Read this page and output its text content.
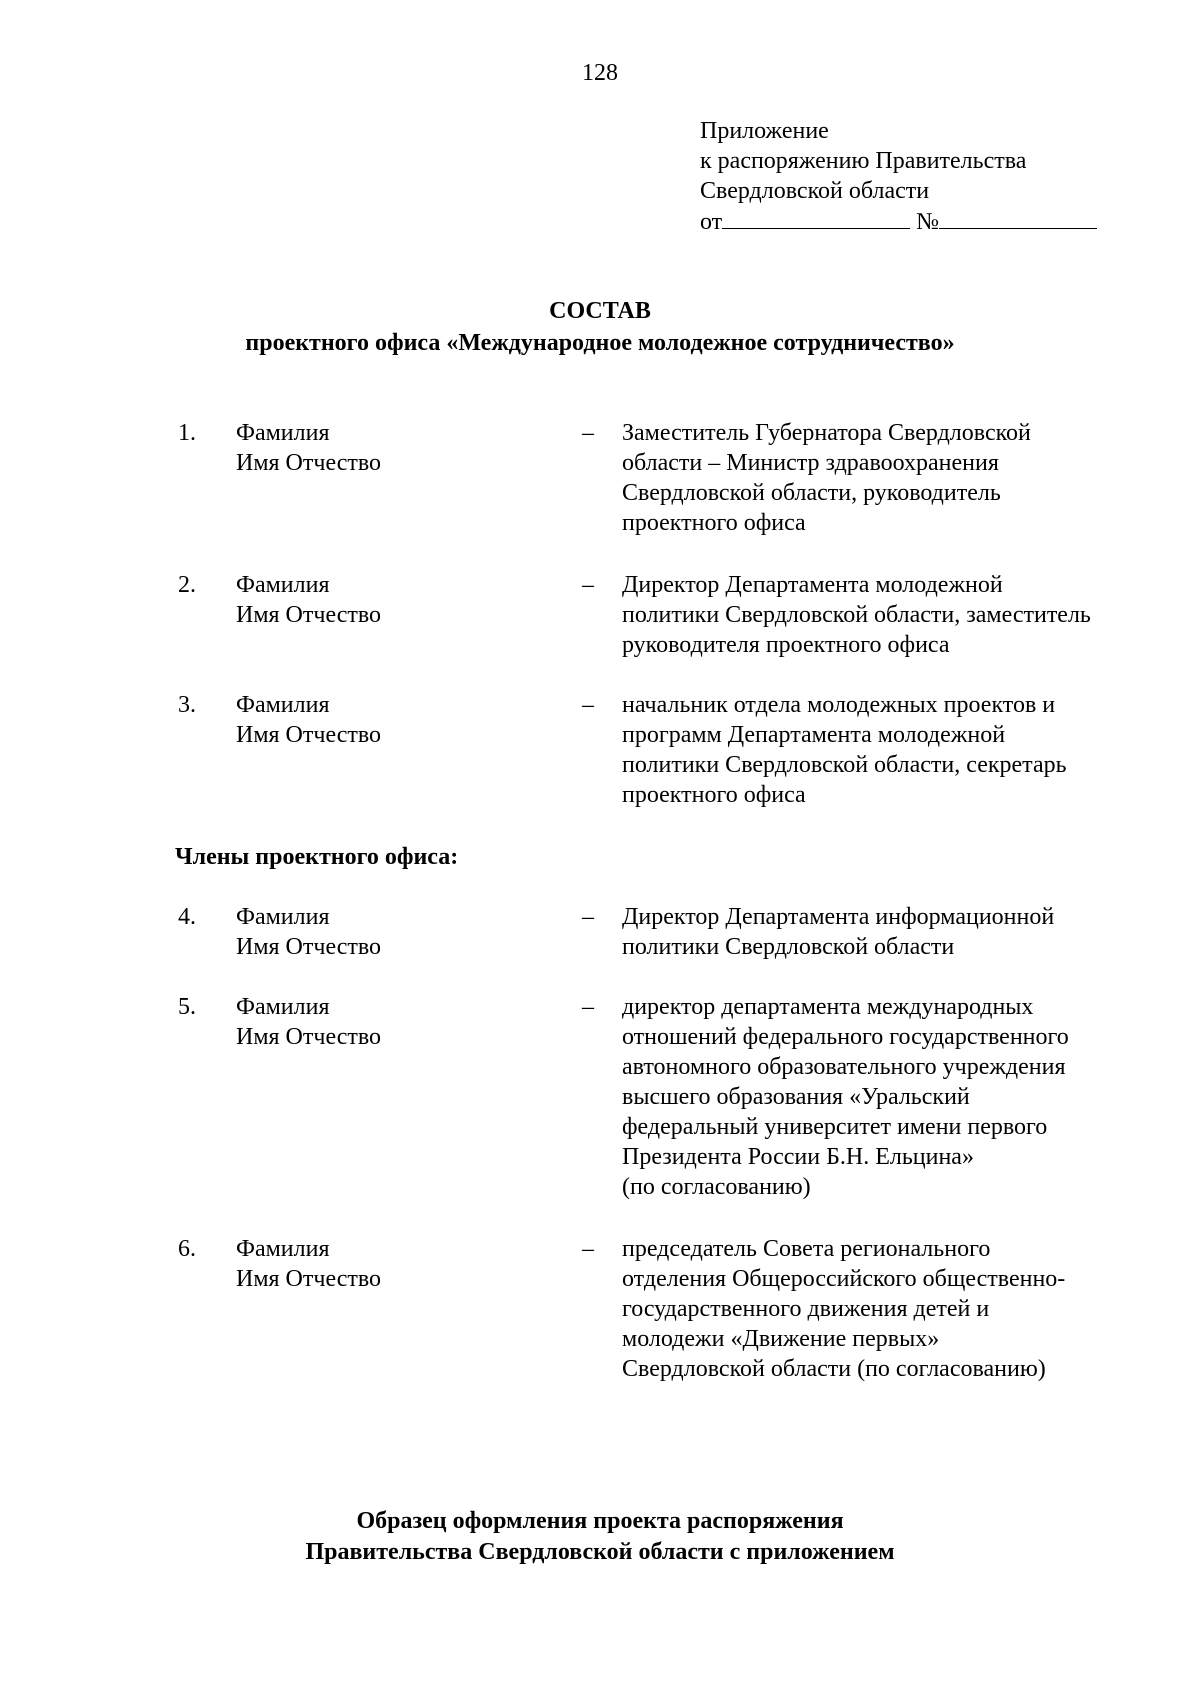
128
Приложение
к распоряжению Правительства
Свердловской области
от	№
СОСТАВ
проектного офиса «Международное молодежное сотрудничество»
1. Фамилия
Имя Отчество
– Заместитель Губернатора Свердловской
области – Министр здравоохранения
Свердловской области, руководитель
проектного офиса
2. Фамилия
Имя Отчество
– Директор Департамента молодежной
политики Свердловской области, заместитель
руководителя проектного офиса
3. Фамилия
Имя Отчество
– начальник отдела молодежных проектов и
программ Департамента молодежной
политики Свердловской области, секретарь
проектного офиса
Члены проектного офиса:
4. Фамилия
Имя Отчество
– Директор Департамента информационной
политики Свердловской области
5. Фамилия
Имя Отчество
– директор департамента международных
отношений федерального государственного
автономного образовательного учреждения
высшего образования «Уральский
федеральный университет имени первого
Президента России Б.Н. Ельцина»
(по согласованию)
6. Фамилия
Имя Отчество
– председатель Совета регионального
отделения Общероссийского общественно-
государственного движения детей и
молодежи «Движение первых»
Свердловской области (по согласованию)
Образец оформления проекта распоряжения
Правительства Свердловской области с приложением
